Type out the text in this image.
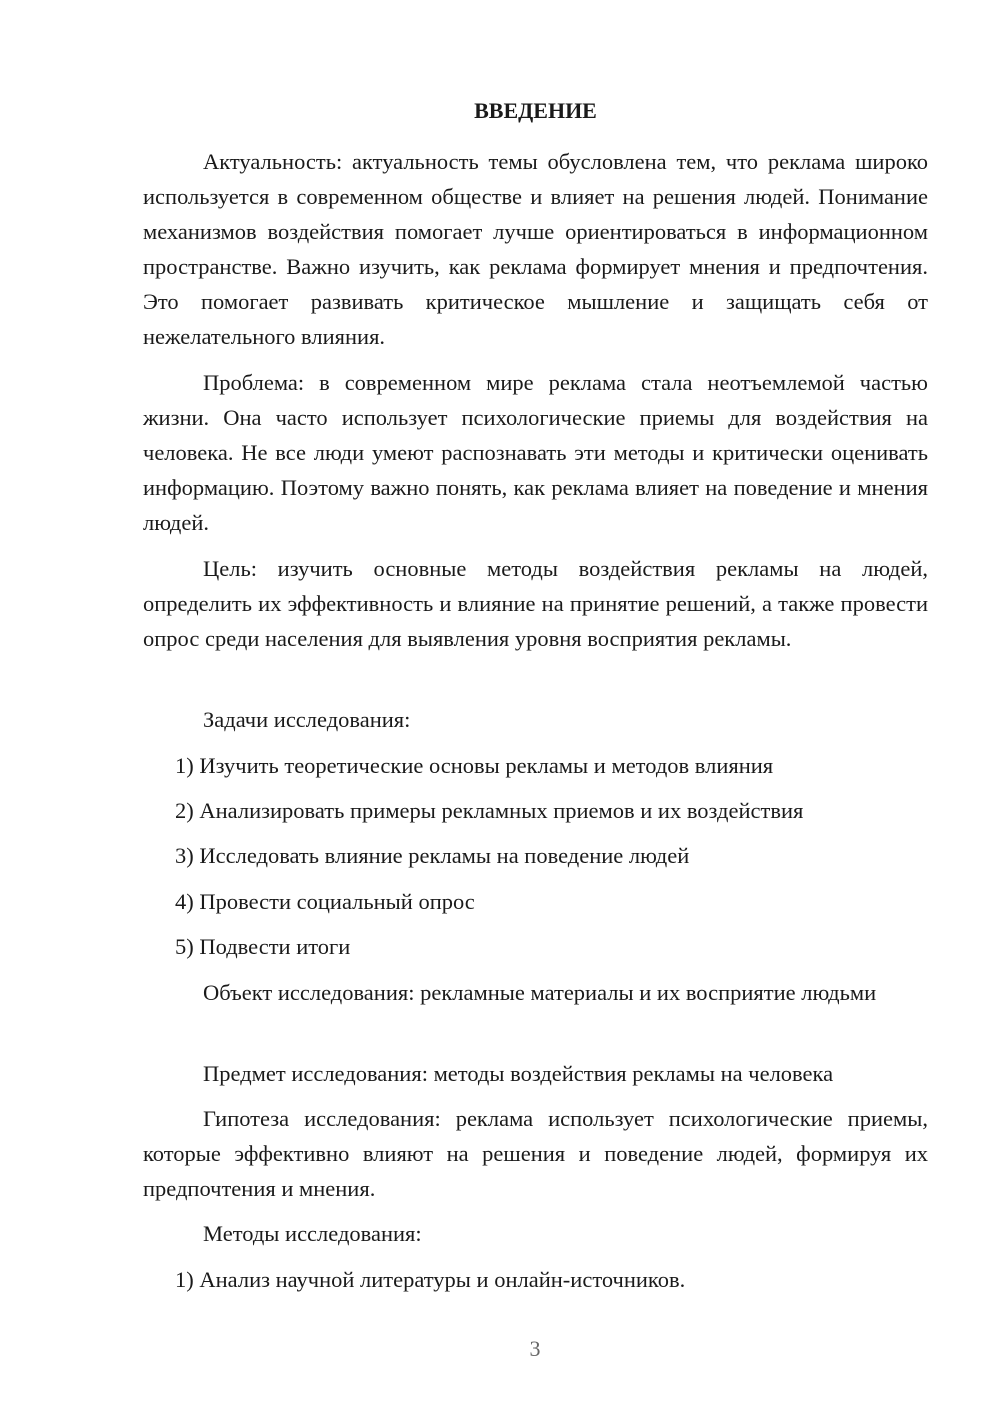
ВВЕДЕНИЕ

Актуальность: актуальность темы обусловлена тем, что реклама широко используется в современном обществе и влияет на решения людей. Понимание механизмов воздействия помогает лучше ориентироваться в информационном пространстве. Важно изучить, как реклама формирует мнения и предпочтения. Это помогает развивать критическое мышление и защищать себя от нежелательного влияния.

Проблема: в современном мире реклама стала неотъемлемой частью жизни. Она часто использует психологические приемы для воздействия на человека. Не все люди умеют распознавать эти методы и критически оценивать информацию. Поэтому важно понять, как реклама влияет на поведение и мнения людей.

Цель: изучить основные методы воздействия рекламы на людей, определить их эффективность и влияние на принятие решений, а также провести опрос среди населения для выявления уровня восприятия рекламы.

Задачи исследования:

1) Изучить теоретические основы рекламы и методов влияния

2) Анализировать примеры рекламных приемов и их воздействия

3) Исследовать влияние рекламы на поведение людей

4) Провести социальный опрос

5) Подвести итоги

Объект исследования: рекламные материалы и их восприятие людьми

Предмет исследования: методы воздействия рекламы на человека

Гипотеза исследования: реклама использует психологические приемы, которые эффективно влияют на решения и поведение людей, формируя их предпочтения и мнения.

Методы исследования:

1) Анализ научной литературы и онлайн-источников.

3
